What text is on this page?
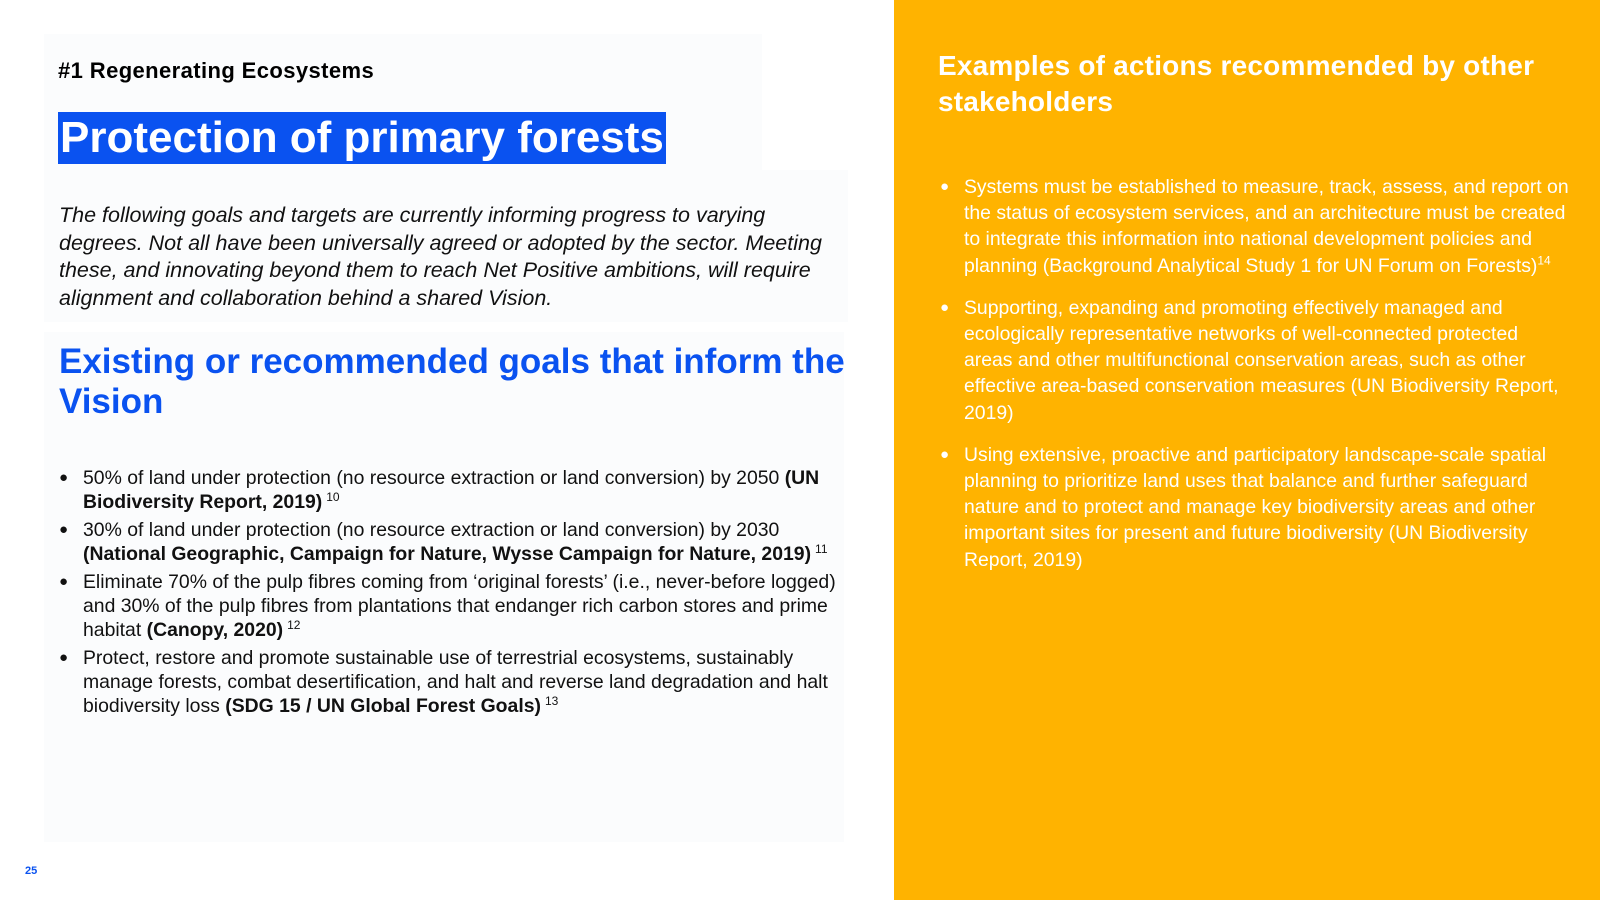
#1 Regenerating Ecosystems
Protection of primary forests

The following goals and targets are currently informing progress to varying degrees. Not all have been universally agreed or adopted by the sector. Meeting these, and innovating beyond them to reach Net Positive ambitions, will require alignment and collaboration behind a shared Vision.

Existing or recommended goals that inform the Vision
● 50% of land under protection (no resource extraction or land conversion) by 2050 (UN Biodiversity Report, 2019) $^{10}$
● 30% of land under protection (no resource extraction or land conversion) by 2030 (National Geographic, Campaign for Nature, Wysse Campaign for Nature, 2019) $^{11}$
● Eliminate 70% of the pulp fibres coming from ‘original forests’ (i.e., never-before logged) and 30% of the pulp fibres from plantations that endanger rich carbon stores and prime habitat (Canopy, 2020) $^{12}$
● Protect, restore and promote sustainable use of terrestrial ecosystems, sustainably manage forests, combat desertification, and halt and reverse land degradation and halt biodiversity loss (SDG 15 / UN Global Forest Goals) $^{13}$
25
Examples of actions recommended by other stakeholders
● Systems must be established to measure, track, assess, and report on the status of ecosystem services, and an architecture must be created to integrate this information into national development policies and planning (Background Analytical Study 1 for UN Forum on Forests)$^{14}$
● Supporting, expanding and promoting effectively managed and ecologically representative networks of well-connected protected areas and other multifunctional conservation areas, such as other effective area-based conservation measures (UN Biodiversity Report, 2019)
● Using extensive, proactive and participatory landscape-scale spatial planning to prioritize land uses that balance and further safeguard nature and to protect and manage key biodiversity areas and other important sites for present and future biodiversity (UN Biodiversity Report, 2019)
